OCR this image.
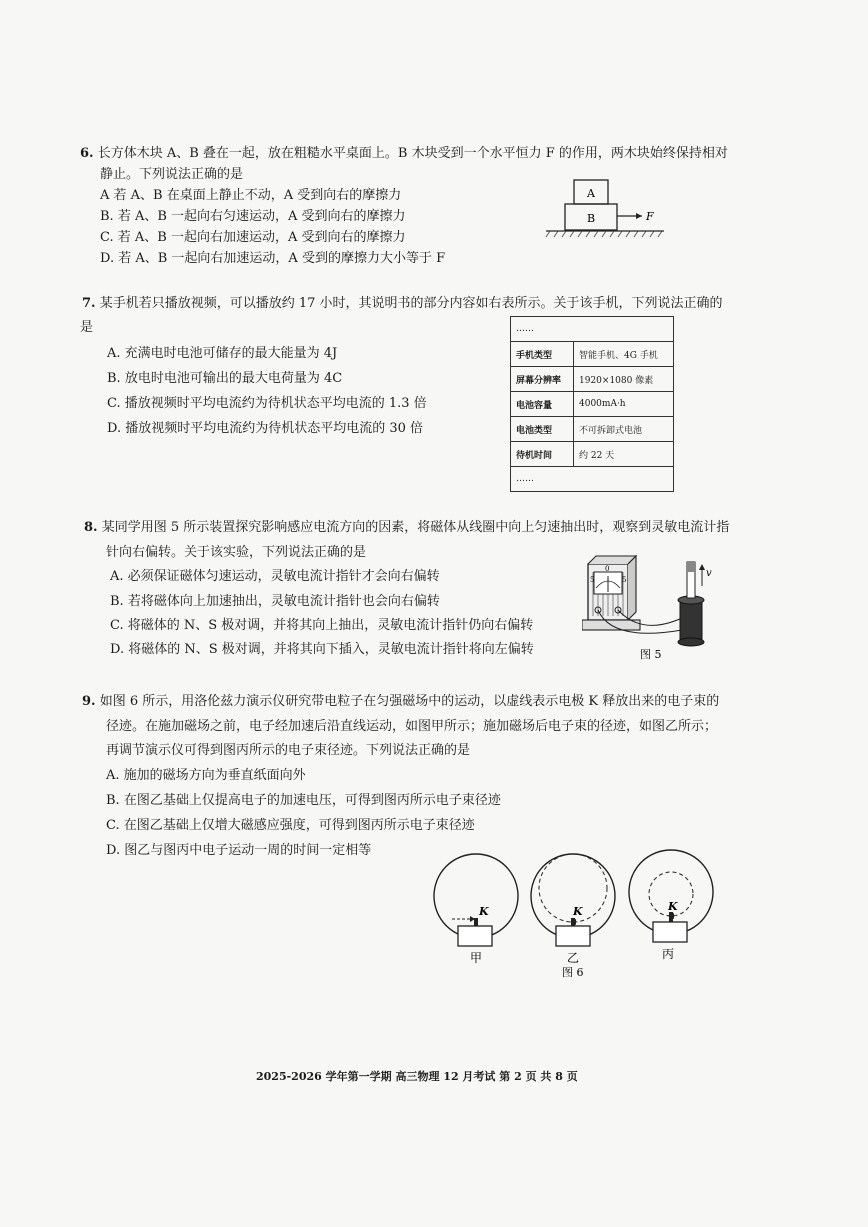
6. 长方体木块 A、B 叠在一起，放在粗糙水平桌面上。B 木块受到一个水平恒力 F 的作用，两木块始终保持相对
静止。下列说法正确的是
A 若 A、B 在桌面上静止不动，A 受到向右的摩擦力
B. 若 A、B 一起向右匀速运动，A 受到向右的摩擦力
C. 若 A、B 一起向右加速运动，A 受到向右的摩擦力
D. 若 A、B 一起向右加速运动，A 受到的摩擦力大小等于 F
A
B	F
7. 某手机若只播放视频，可以播放约 17 小时，其说明书的部分内容如右表所示。关于该手机，下列说法正确的
是
A. 充满电时电池可储存的最大能量为 4J
B. 放电时电池可输出的最大电荷量为 4C
C. 播放视频时平均电流约为待机状态平均电流的 1.3 倍
D. 播放视频时平均电流约为待机状态平均电流的 30 倍
……	
手机类型	智能手机、4G 手机
屏幕分辨率	1920×1080 像素
电池容量	4000mA·h
电池类型	不可拆卸式电池
待机时间	约 22 天
……	
8. 某同学用图 5 所示装置探究影响感应电流方向的因素，将磁体从线圈中向上匀速抽出时，观察到灵敏电流计指
针向右偏转。关于该实验，下列说法正确的是
A. 必须保证磁体匀速运动，灵敏电流计指针才会向右偏转
B. 若将磁体向上加速抽出，灵敏电流计指针也会向右偏转
C. 将磁体的 N、S 极对调，并将其向上抽出，灵敏电流计指针仍向右偏转
D. 将磁体的 N、S 极对调，并将其向下插入，灵敏电流计指针将向左偏转
5
0
5
v
图 5
9. 如图 6 所示，用洛伦兹力演示仪研究带电粒子在匀强磁场中的运动，以虚线表示电极 K 释放出来的电子束的
径迹。在施加磁场之前，电子经加速后沿直线运动，如图甲所示；施加磁场后电子束的径迹，如图乙所示；
再调节演示仪可得到图丙所示的电子束径迹。下列说法正确的是
A. 施加的磁场方向为垂直纸面向外
B. 在图乙基础上仅提高电子的加速电压，可得到图丙所示电子束径迹
C. 在图乙基础上仅增大磁感应强度，可得到图丙所示电子束径迹
D. 图乙与图丙中电子运动一周的时间一定相等
K
甲
K
乙
图 6
K
丙
2025-2026 学年第一学期 高三物理 12 月考试 第 2 页 共 8 页
